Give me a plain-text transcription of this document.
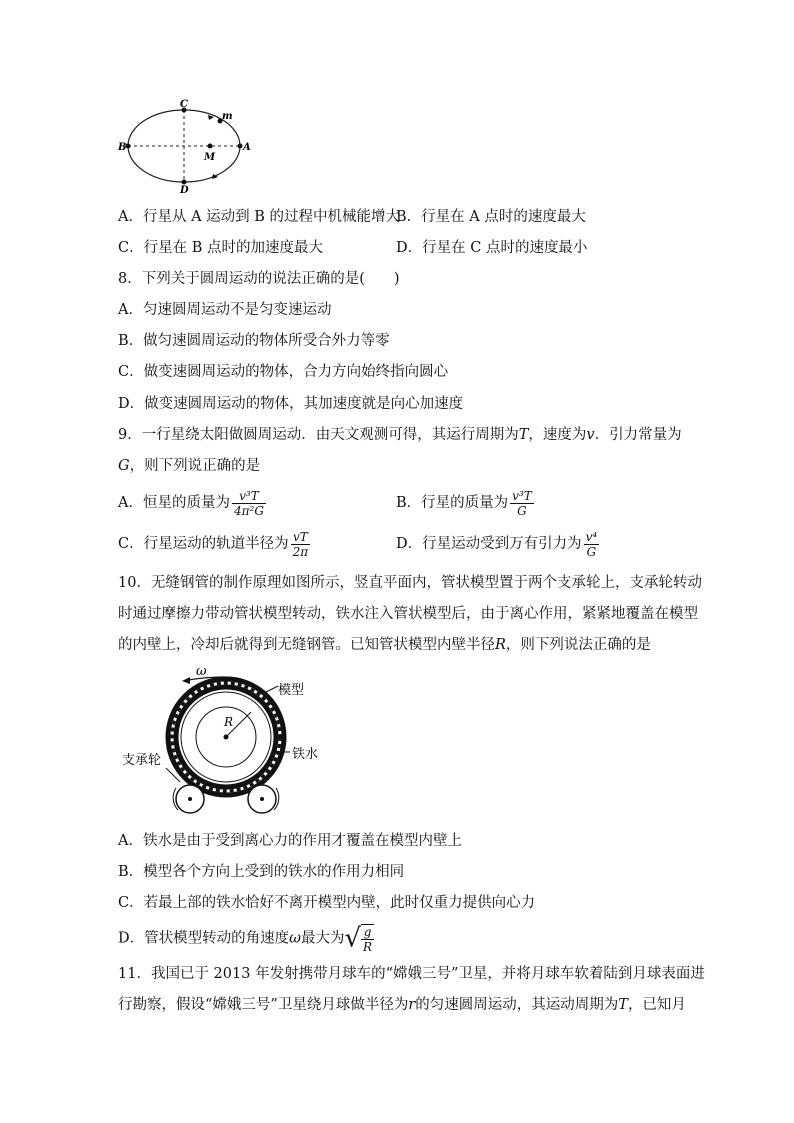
C
m
B	A
M
D
A．行星从 A 运动到 B 的过程中机械能增大
B．行星在 A 点时的速度最大
C．行星在 B 点时的加速度最大	D．行星在 C 点时的速度最小
8．下列关于圆周运动的说法正确的是(　　)
A．匀速圆周运动不是匀变速运动
B．做匀速圆周运动的物体所受合外力等零
C．做变速圆周运动的物体，合力方向始终指向圆心
D．做变速圆周运动的物体，其加速度就是向心加速度
9．一行星绕太阳做圆周运动．由天文观测可得，其运行周期为T，速度为v．引力常量为
G，则下列说正确的是
A．恒星的质量为 $\frac{\text{v³T}}{\text{4π²G}}$	B．行星的质量为 $\frac{\text{v³T}}{G}$
C．行星运动的轨道半径为 $\frac{vT}{2\pi}$	D．行星运动受到万有引力为 $\frac{\text{v⁴}}{G}$
10．无缝钢管的制作原理如图所示，竖直平面内，管状模型置于两个支承轮上，支承轮转动
时通过摩擦力带动管状模型转动，铁水注入管状模型后，由于离心作用，紧紧地覆盖在模型
的内壁上，冷却后就得到无缝钢管。已知管状模型内壁半径R，则下列说法正确的是
ω
R
模型
铁水
支承轮
A．铁水是由于受到离心力的作用才覆盖在模型内壁上
B．模型各个方向上受到的铁水的作用力相同
C．若最上部的铁水恰好不离开模型内壁，此时仅重力提供向心力
D．管状模型转动的角速度ω最大为√ $\frac{g}{R}$
11．我国已于 2013 年发射携带月球车的“嫦娥三号”卫星，并将月球车软着陆到月球表面进
行勘察，假设“嫦娥三号”卫星绕月球做半径为r的匀速圆周运动，其运动周期为T，已知月
